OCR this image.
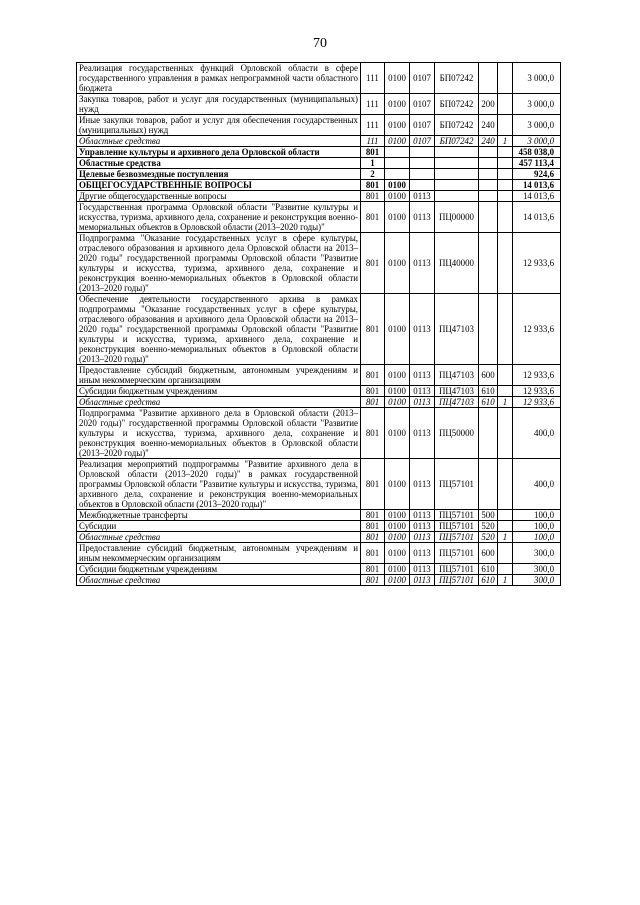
70
Реализация государственных функций Орловской области в сфере государственного управления в рамках непрограммной части областного бюджета	111	0100	0107	БП07242			3 000,0
Закупка товаров, работ и услуг для государственных (муниципальных) нужд	111	0100	0107	БП07242	200		3 000,0
Иные закупки товаров, работ и услуг для обеспечения государственных (муниципальных) нужд	111	0100	0107	БП07242	240		3 000,0
Областные средства	111	0100	0107	БП07242	240	1	3 000,0
Управление культуры и архивного дела Орловской области	801						458 038,0
Областные средства	1						457 113,4
Целевые безвозмездные поступления	2						924,6
ОБЩЕГОСУДАРСТВЕННЫЕ ВОПРОСЫ	801	0100					14 013,6
Другие общегосударственные вопросы	801	0100	0113				14 013,6
Государственная программа Орловской области "Развитие культуры и искусства, туризма, архивного дела, сохранение и реконструкция военно-мемориальных объектов в Орловской области (2013–2020 годы)"	801	0100	0113	ПЦ00000			14 013,6
Подпрограмма "Оказание государственных услуг в сфере культуры, отраслевого образования и архивного дела Орловской области на 2013–2020 годы" государственной программы Орловской области "Развитие культуры и искусства, туризма, архивного дела, сохранение и реконструкция военно-мемориальных объектов в Орловской области (2013–2020 годы)"	801	0100	0113	ПЦ40000			12 933,6
Обеспечение деятельности государственного архива в рамках подпрограммы "Оказание государственных услуг в сфере культуры, отраслевого образования и архивного дела Орловской области на 2013–2020 годы" государственной программы Орловской области "Развитие культуры и искусства, туризма, архивного дела, сохранение и реконструкция военно-мемориальных объектов в Орловской области (2013–2020 годы)"	801	0100	0113	ПЦ47103			12 933,6
Предоставление субсидий бюджетным, автономным учреждениям и иным некоммерческим организациям	801	0100	0113	ПЦ47103	600		12 933,6
Субсидии бюджетным учреждениям	801	0100	0113	ПЦ47103	610		12 933,6
Областные средства	801	0100	0113	ПЦ47103	610	1	12 933,6
Подпрограмма "Развитие архивного дела в Орловской области (2013–2020 годы)" государственной программы Орловской области "Развитие культуры и искусства, туризма, архивного дела, сохранение и реконструкция военно-мемориальных объектов в Орловской области (2013–2020 годы)"	801	0100	0113	ПЦ50000			400,0
Реализация мероприятий подпрограммы "Развитие архивного дела в Орловской области (2013–2020 годы)" в рамках государственной программы Орловской области "Развитие культуры и искусства, туризма, архивного дела, сохранение и реконструкция военно-мемориальных объектов в Орловской области (2013–2020 годы)"	801	0100	0113	ПЦ57101			400,0
Межбюджетные трансферты	801	0100	0113	ПЦ57101	500		100,0
Субсидии	801	0100	0113	ПЦ57101	520		100,0
Областные средства	801	0100	0113	ПЦ57101	520	1	100,0
Предоставление субсидий бюджетным, автономным учреждениям и иным некоммерческим организациям	801	0100	0113	ПЦ57101	600		300,0
Субсидии бюджетным учреждениям	801	0100	0113	ПЦ57101	610		300,0
Областные средства	801	0100	0113	ПЦ57101	610	1	300,0
